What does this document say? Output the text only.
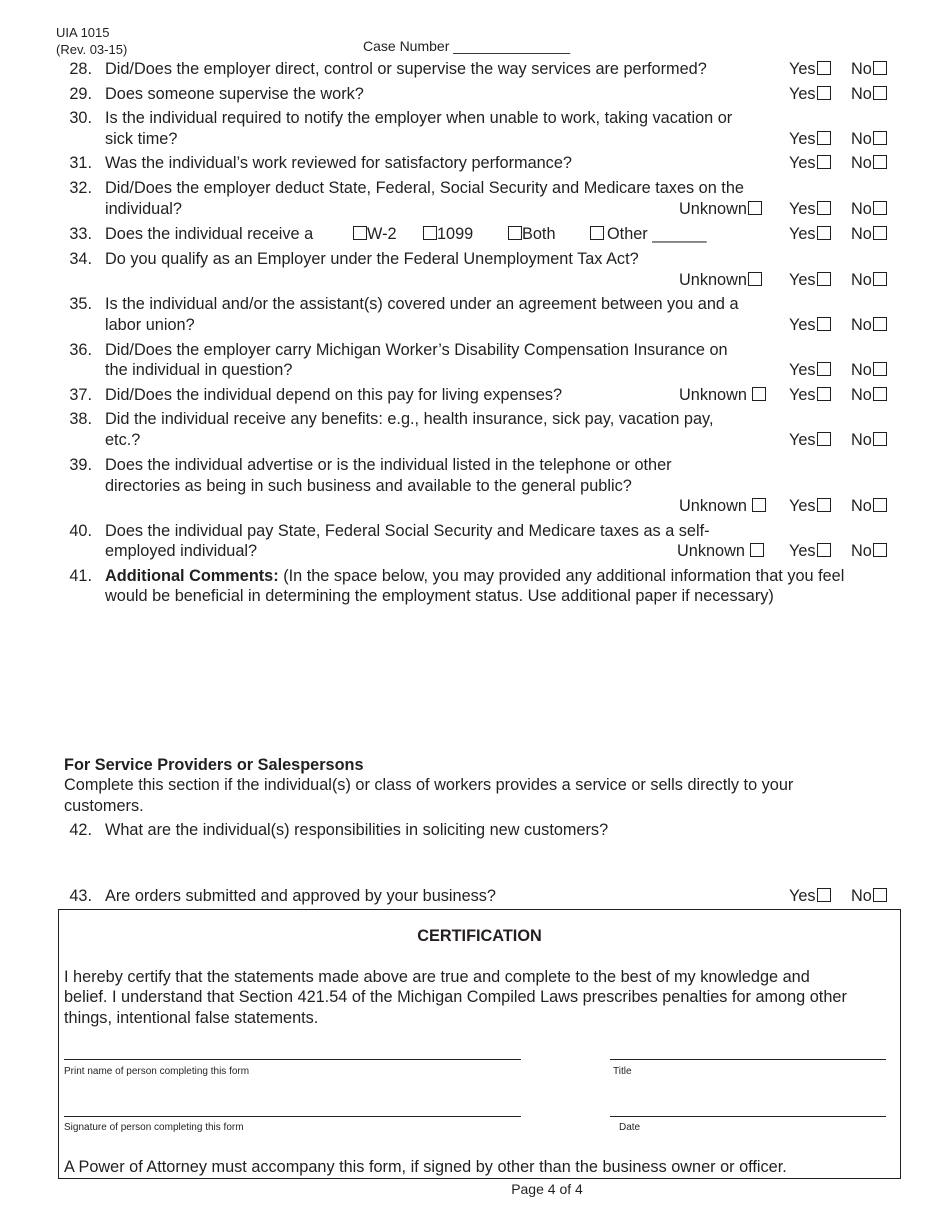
UIA 1015
(Rev. 03-15)	Case Number _______________
28. Did/Does the employer direct, control or supervise the way services are performed?	Yes	No
29. Does someone supervise the work?	Yes	No
30. Is the individual required to notify the employer when unable to work, taking vacation or
sick time?	Yes	No
31. Was the individual’s work reviewed for satisfactory performance?	Yes	No
32. Did/Does the employer deduct State, Federal, Social Security and Medicare taxes on the
individual?	Unknown	Yes	No
33. Does the individual receive a	W-2	1099	Both	Other ______	Yes	No
34. Do you qualify as an Employer under the Federal Unemployment Tax Act?
Unknown	Yes	No
35. Is the individual and/or the assistant(s) covered under an agreement between you and a
labor union?	Yes	No
36. Did/Does the employer carry Michigan Worker’s Disability Compensation Insurance on
the individual in question?	Yes	No
37. Did/Does the individual depend on this pay for living expenses?	Unknown	Yes	No
38. Did the individual receive any benefits: e.g., health insurance, sick pay, vacation pay,
etc.?	Yes	No
39. Does the individual advertise or is the individual listed in the telephone or other
directories as being in such business and available to the general public?
Unknown	Yes	No
40. Does the individual pay State, Federal Social Security and Medicare taxes as a self-
employed individual?	Unknown	Yes	No
41. Additional Comments: (In the space below, you may provided any additional information that you feel
would be beneficial in determining the employment status. Use additional paper if necessary)
For Service Providers or Salespersons
Complete this section if the individual(s) or class of workers provides a service or sells directly to your
customers.
42. What are the individual(s) responsibilities in soliciting new customers?
43. Are orders submitted and approved by your business?	Yes	No
CERTIFICATION
I hereby certify that the statements made above are true and complete to the best of my knowledge and
belief. I understand that Section 421.54 of the Michigan Compiled Laws prescribes penalties for among other
things, intentional false statements.
Print name of person completing this form	Title
Signature of person completing this form	Date
A Power of Attorney must accompany this form, if signed by other than the business owner or officer.
Page 4 of 4
